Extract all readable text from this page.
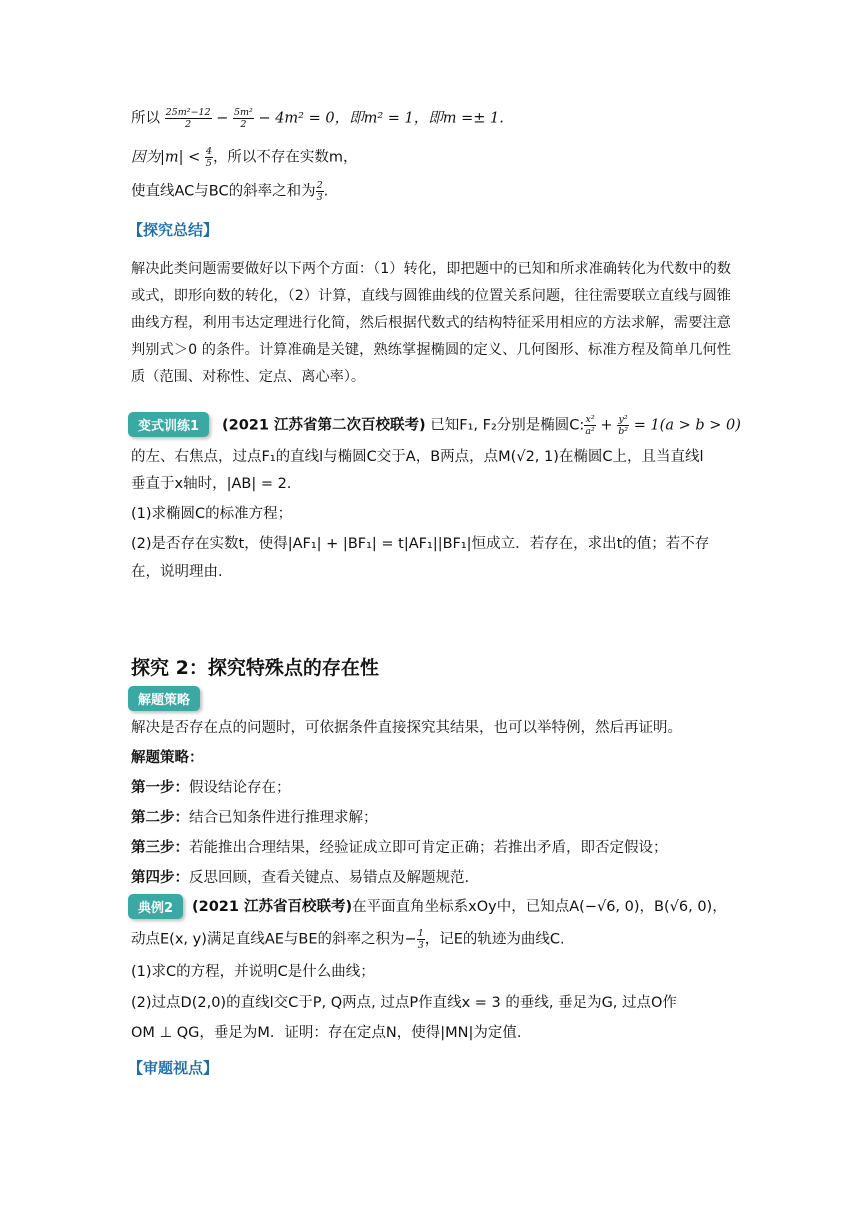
所以 $\frac{\text{25m²−12}}{2} - \frac{\text{5m²}}{2} - 4m^2 = 0$，即m² = 1，即m =± 1.
因为$|m| < \frac{4}{5}$ ，所以不存在实数m，
使直线AC与BC的斜率之和为 $\frac{2}{3}$ .
【探究总结】
解决此类问题需要做好以下两个方面：（1）转化，即把题中的已知和所求准确转化为代数中的数或式，即形向数的转化，（2）计算，直线与圆锥曲线的位置关系问题，往往需要联立直线与圆锥曲线方程，利用韦达定理进行化简，然后根据代数式的结构特征采用相应的方法求解，需要注意判别式＞0 的条件。计算准确是关键，熟练掌握椭圆的定义、几何图形、标准方程及简单几何性质（范围、对称性、定点、离心率）。
变式训练1	(2021 江苏省第二次百校联考) 已知F₁, F₂分别是椭圆C: $\frac{\text{x²}}{\text{a²}} + \frac{\text{y²}}{\text{b²}} = 1(a > b > 0)$
的左、右焦点，过点F₁的直线l与椭圆C交于A，B两点，点M(√2, 1)在椭圆C上，且当直线l
垂直于x轴时，|AB| = 2.
(1)求椭圆C的标准方程；
(2)是否存在实数t，使得|AF₁| + |BF₁| = t|AF₁||BF₁|恒成立．若存在，求出t的值；若不存
在，说明理由.
探究 2：探究特殊点的存在性
解题策略
解决是否存在点的问题时，可依据条件直接探究其结果，也可以举特例，然后再证明。
解题策略：
第一步：假设结论存在；
第二步：结合已知条件进行推理求解；
第三步：若能推出合理结果，经验证成立即可肯定正确；若推出矛盾，即否定假设；
第四步：反思回顾，查看关键点、易错点及解题规范.
典例2	(2021 江苏省百校联考)在平面直角坐标系xOy中，已知点A(−√6, 0)，B(√6, 0)，
动点E(x, y)满足直线AE与BE的斜率之积为− $\frac{1}{3}$ ，记E的轨迹为曲线C.
(1)求C的方程，并说明C是什么曲线；
(2)过点D(2,0)的直线l交C于P, Q两点, 过点P作直线x = 3 的垂线, 垂足为G, 过点O作
OM ⊥ QG，垂足为M．证明：存在定点N，使得|MN|为定值.
【审题视点】
